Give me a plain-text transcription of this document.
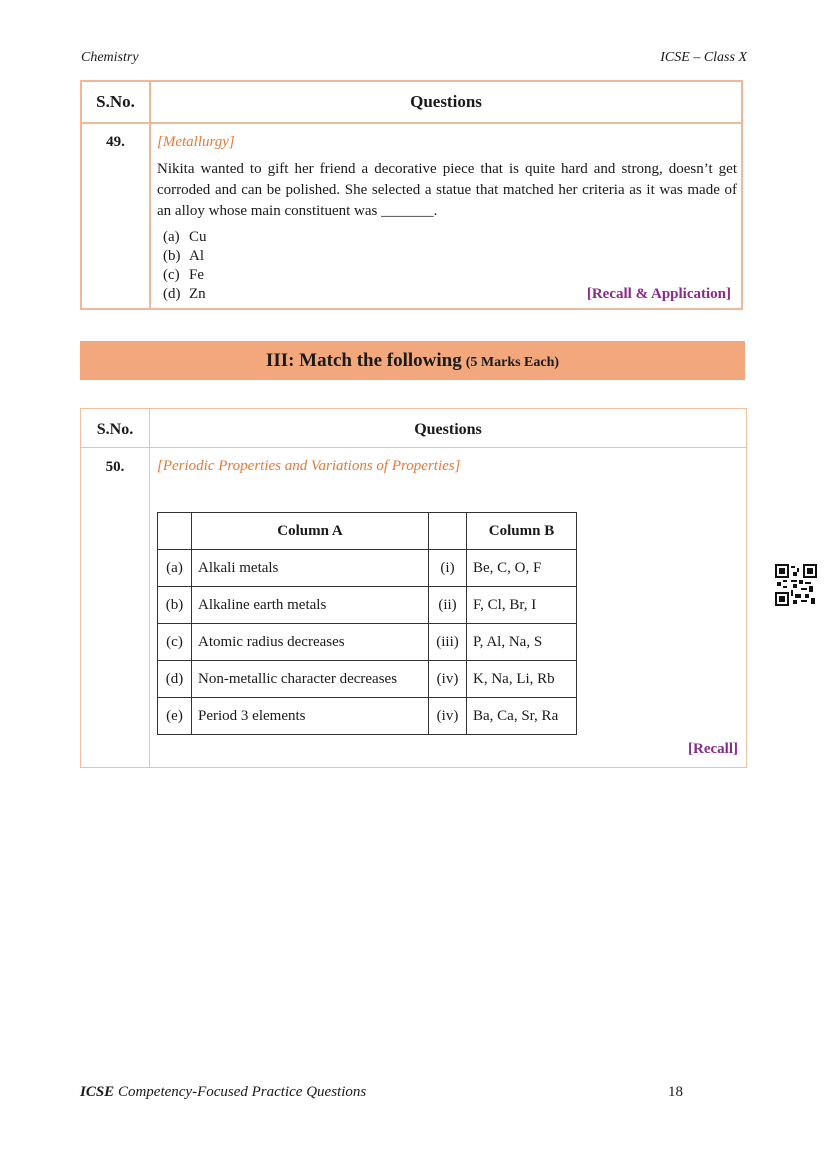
Chemistry	ICSE – Class X
S.No.	Questions
49.	[Metallurgy]
Nikita wanted to gift her friend a decorative piece that is quite hard and strong, doesn’t get corroded and can be polished. She selected a statue that matched her criteria as it was made of an alloy whose main constituent was _______.
(a) Cu
(b) Al
(c) Fe
(d) Zn	[Recall & Application]
III: Match the following (5 Marks Each)
S.No.	Questions
50.	[Periodic Properties and Variations of Properties]
	Column A		Column B
(a)	Alkali metals	(i)	Be, C, O, F
(b)	Alkaline earth metals	(ii)	F, Cl, Br, I
(c)	Atomic radius decreases	(iii)	P, Al, Na, S
(d)	Non-metallic character decreases	(iv)	K, Na, Li, Rb
(e)	Period 3 elements	(iv)	Ba, Ca, Sr, Ra
[Recall]
ICSE Competency-Focused Practice Questions	18
